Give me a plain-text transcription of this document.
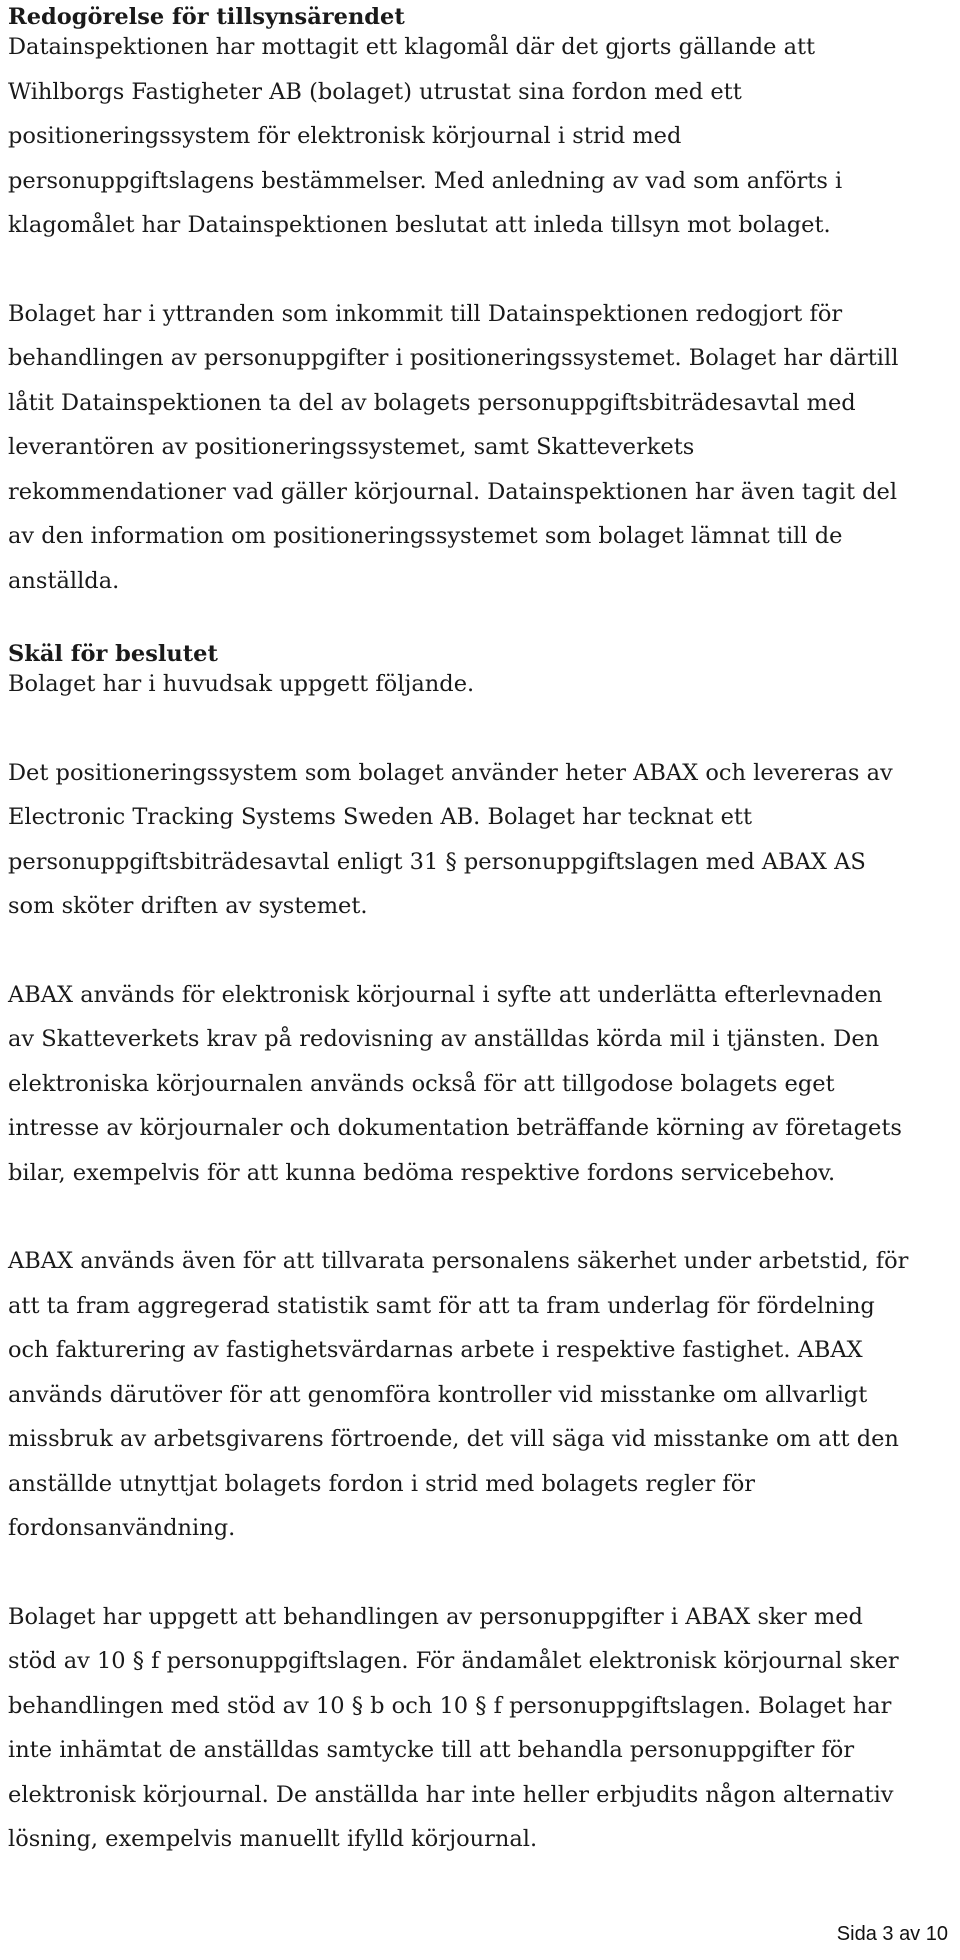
Redogörelse för tillsynsärendet

Datainspektionen har mottagit ett klagomål där det gjorts gällande att
Wihlborgs Fastigheter AB (bolaget) utrustat sina fordon med ett
positioneringssystem för elektronisk körjournal i strid med
personuppgiftslagens bestämmelser. Med anledning av vad som anförts i
klagomålet har Datainspektionen beslutat att inleda tillsyn mot bolaget.

Bolaget har i yttranden som inkommit till Datainspektionen redogjort för
behandlingen av personuppgifter i positioneringssystemet. Bolaget har därtill
låtit Datainspektionen ta del av bolagets personuppgiftsbiträdesavtal med
leverantören av positioneringssystemet, samt Skatteverkets
rekommendationer vad gäller körjournal. Datainspektionen har även tagit del
av den information om positioneringssystemet som bolaget lämnat till de
anställda.

Skäl för beslutet

Bolaget har i huvudsak uppgett följande.

Det positioneringssystem som bolaget använder heter ABAX och levereras av
Electronic Tracking Systems Sweden AB. Bolaget har tecknat ett
personuppgiftsbiträdesavtal enligt 31 § personuppgiftslagen med ABAX AS
som sköter driften av systemet.

ABAX används för elektronisk körjournal i syfte att underlätta efterlevnaden
av Skatteverkets krav på redovisning av anställdas körda mil i tjänsten. Den
elektroniska körjournalen används också för att tillgodose bolagets eget
intresse av körjournaler och dokumentation beträffande körning av företagets
bilar, exempelvis för att kunna bedöma respektive fordons servicebehov.

ABAX används även för att tillvarata personalens säkerhet under arbetstid, för
att ta fram aggregerad statistik samt för att ta fram underlag för fördelning
och fakturering av fastighetsvärdarnas arbete i respektive fastighet. ABAX
används därutöver för att genomföra kontroller vid misstanke om allvarligt
missbruk av arbetsgivarens förtroende, det vill säga vid misstanke om att den
anställde utnyttjat bolagets fordon i strid med bolagets regler för
fordonsanvändning.

Bolaget har uppgett att behandlingen av personuppgifter i ABAX sker med
stöd av 10 § f personuppgiftslagen. För ändamålet elektronisk körjournal sker
behandlingen med stöd av 10 § b och 10 § f personuppgiftslagen. Bolaget har
inte inhämtat de anställdas samtycke till att behandla personuppgifter för
elektronisk körjournal. De anställda har inte heller erbjudits någon alternativ
lösning, exempelvis manuellt ifylld körjournal.

Sida 3 av 10
